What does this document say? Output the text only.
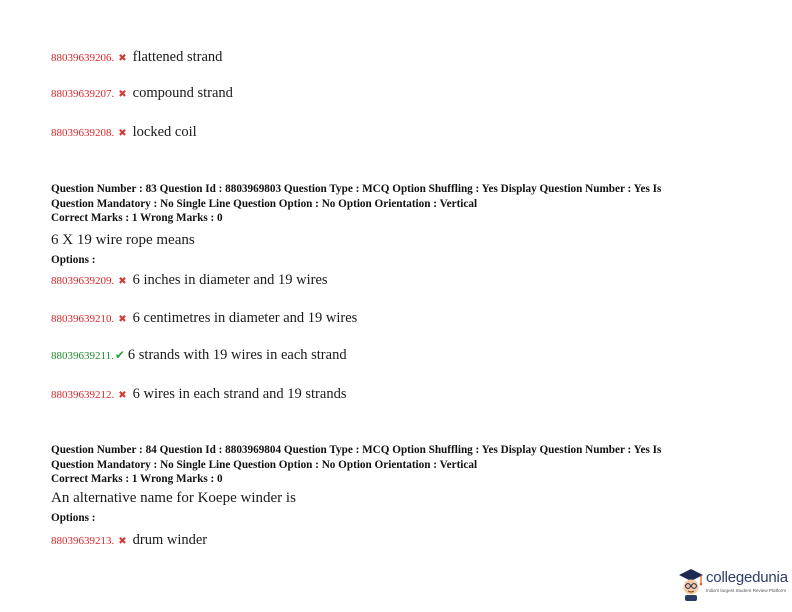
88039639206. ✖ flattened strand
88039639207. ✖ compound strand
88039639208. ✖ locked coil
Question Number : 83 Question Id : 8803969803 Question Type : MCQ Option Shuffling : Yes Display Question Number : Yes Is
Question Mandatory : No Single Line Question Option : No Option Orientation : Vertical
Correct Marks : 1 Wrong Marks : 0
6 X 19 wire rope means
Options :
88039639209. ✖ 6 inches in diameter and 19 wires
88039639210. ✖ 6 centimetres in diameter and 19 wires
88039639211.✔ 6 strands with 19 wires in each strand
88039639212. ✖ 6 wires in each strand and 19 strands
Question Number : 84 Question Id : 8803969804 Question Type : MCQ Option Shuffling : Yes Display Question Number : Yes Is
Question Mandatory : No Single Line Question Option : No Option Orientation : Vertical
Correct Marks : 1 Wrong Marks : 0
An alternative name for Koepe winder is
Options :
88039639213. ✖ drum winder
collegedunia
India's largest Student Review Platform
